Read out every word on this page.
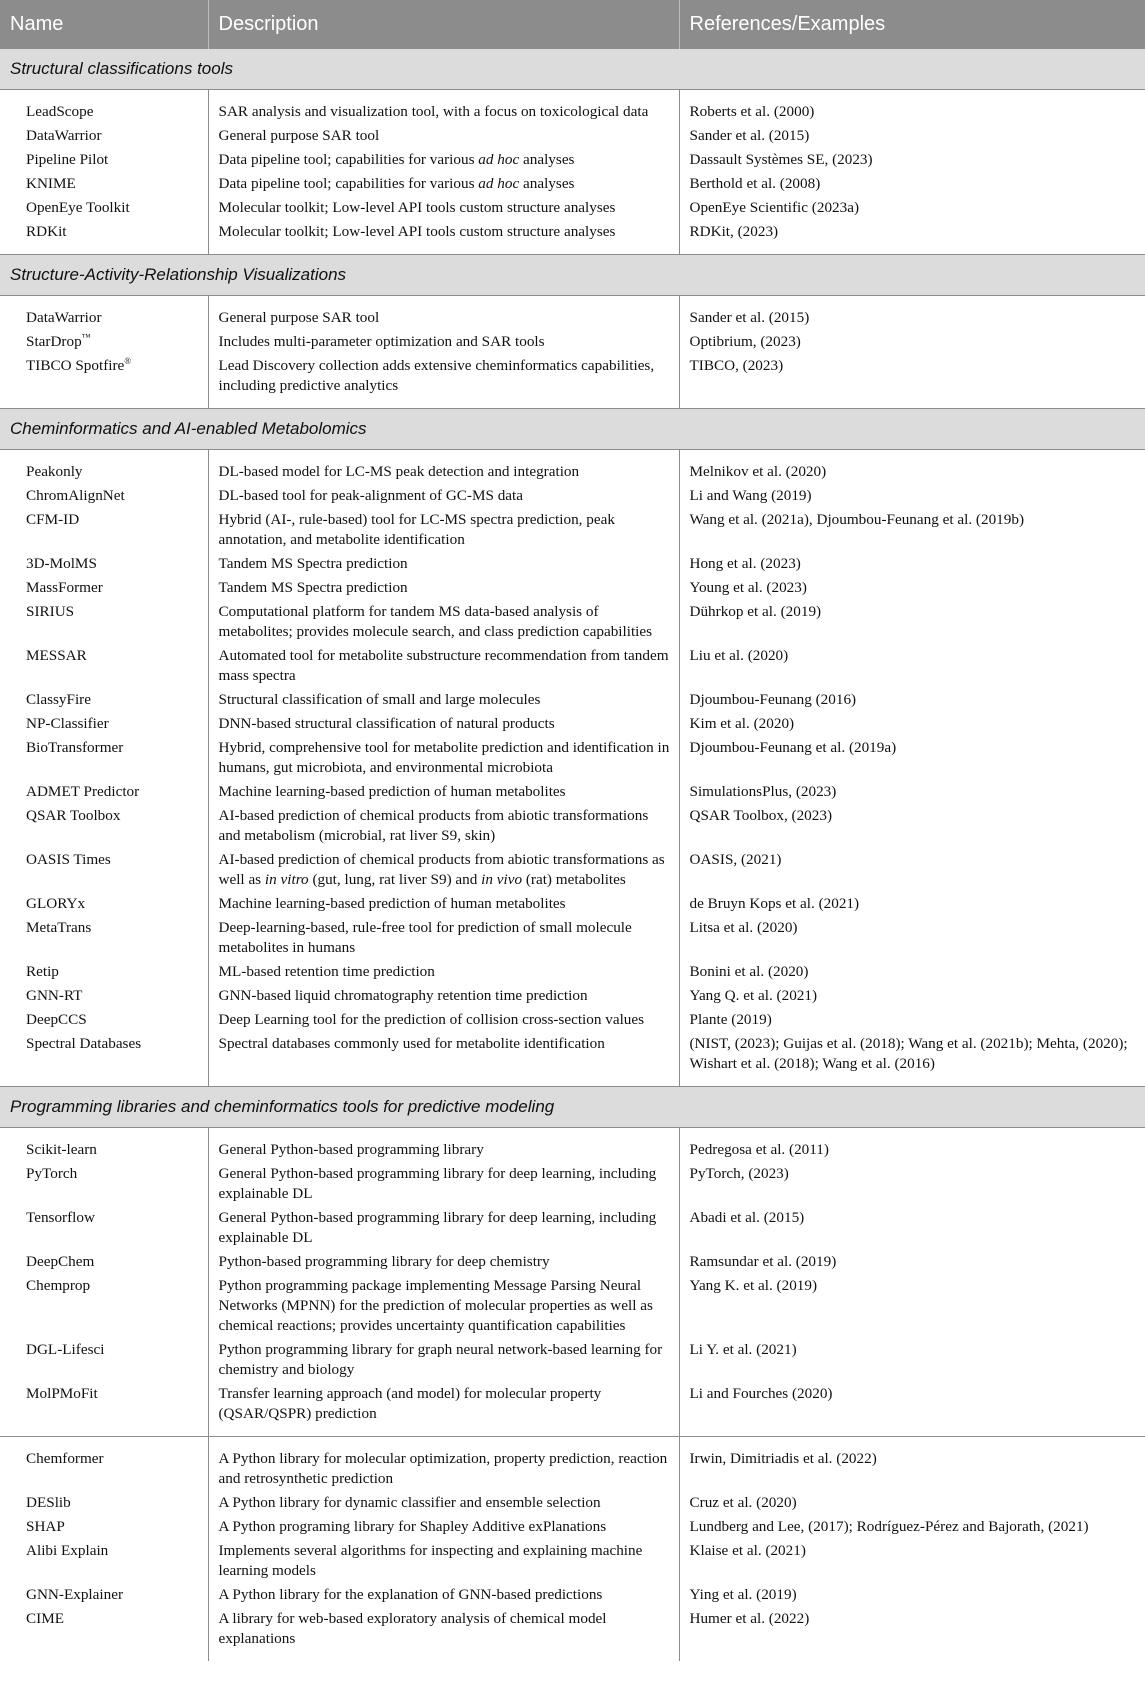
Name	Description	References/Examples
Structural classifications tools		
LeadScope	SAR analysis and visualization tool, with a focus on toxicological data	Roberts et al. (2000)
DataWarrior	General purpose SAR tool	Sander et al. (2015)
Pipeline Pilot	Data pipeline tool; capabilities for various ad hoc analyses	Dassault Systèmes SE, (2023)
KNIME	Data pipeline tool; capabilities for various ad hoc analyses	Berthold et al. (2008)
OpenEye Toolkit	Molecular toolkit; Low-level API tools custom structure analyses	OpenEye Scientific (2023a)
RDKit	Molecular toolkit; Low-level API tools custom structure analyses	RDKit, (2023)
Structure-Activity-Relationship Visualizations		
DataWarrior	General purpose SAR tool	Sander et al. (2015)
StarDrop™	Includes multi-parameter optimization and SAR tools	Optibrium, (2023)
TIBCO Spotfire®	Lead Discovery collection adds extensive cheminformatics capabilities, including predictive analytics	TIBCO, (2023)
Cheminformatics and AI-enabled Metabolomics		
Peakonly	DL-based model for LC-MS peak detection and integration	Melnikov et al. (2020)
ChromAlignNet	DL-based tool for peak-alignment of GC-MS data	Li and Wang (2019)
CFM-ID	Hybrid (AI-, rule-based) tool for LC-MS spectra prediction, peak annotation, and metabolite identification	Wang et al. (2021a), Djoumbou-Feunang et al. (2019b)
3D-MolMS	Tandem MS Spectra prediction	Hong et al. (2023)
MassFormer	Tandem MS Spectra prediction	Young et al. (2023)
SIRIUS	Computational platform for tandem MS data-based analysis of metabolites; provides molecule search, and class prediction capabilities	Dührkop et al. (2019)
MESSAR	Automated tool for metabolite substructure recommendation from tandem mass spectra	Liu et al. (2020)
ClassyFire	Structural classification of small and large molecules	Djoumbou-Feunang (2016)
NP-Classifier	DNN-based structural classification of natural products	Kim et al. (2020)
BioTransformer	Hybrid, comprehensive tool for metabolite prediction and identification in humans, gut microbiota, and environmental microbiota	Djoumbou-Feunang et al. (2019a)
ADMET Predictor	Machine learning-based prediction of human metabolites	SimulationsPlus, (2023)
QSAR Toolbox	AI-based prediction of chemical products from abiotic transformations and metabolism (microbial, rat liver S9, skin)	QSAR Toolbox, (2023)
OASIS Times	AI-based prediction of chemical products from abiotic transformations as well as in vitro (gut, lung, rat liver S9) and in vivo (rat) metabolites	OASIS, (2021)
GLORYx	Machine learning-based prediction of human metabolites	de Bruyn Kops et al. (2021)
MetaTrans	Deep-learning-based, rule-free tool for prediction of small molecule metabolites in humans	Litsa et al. (2020)
Retip	ML-based retention time prediction	Bonini et al. (2020)
GNN-RT	GNN-based liquid chromatography retention time prediction	Yang Q. et al. (2021)
DeepCCS	Deep Learning tool for the prediction of collision cross-section values	Plante (2019)
Spectral Databases	Spectral databases commonly used for metabolite identification	(NIST, (2023); Guijas et al. (2018); Wang et al. (2021b); Mehta, (2020); Wishart et al. (2018); Wang et al. (2016)
Programming libraries and cheminformatics tools for predictive modeling		
Scikit-learn	General Python-based programming library	Pedregosa et al. (2011)
PyTorch	General Python-based programming library for deep learning, including explainable DL	PyTorch, (2023)
Tensorflow	General Python-based programming library for deep learning, including explainable DL	Abadi et al. (2015)
DeepChem	Python-based programming library for deep chemistry	Ramsundar et al. (2019)
Chemprop	Python programming package implementing Message Parsing Neural Networks (MPNN) for the prediction of molecular properties as well as chemical reactions; provides uncertainty quantification capabilities	Yang K. et al. (2019)
DGL-Lifesci	Python programming library for graph neural network-based learning for chemistry and biology	Li Y. et al. (2021)
MolPMoFit	Transfer learning approach (and model) for molecular property (QSAR/QSPR) prediction	Li and Fourches (2020)
Chemformer	A Python library for molecular optimization, property prediction, reaction and retrosynthetic prediction	Irwin, Dimitriadis et al. (2022)
DESlib	A Python library for dynamic classifier and ensemble selection	Cruz et al. (2020)
SHAP	A Python programing library for Shapley Additive exPlanations	Lundberg and Lee, (2017); Rodríguez-Pérez and Bajorath, (2021)
Alibi Explain	Implements several algorithms for inspecting and explaining machine learning models	Klaise et al. (2021)
GNN-Explainer	A Python library for the explanation of GNN-based predictions	Ying et al. (2019)
CIME	A library for web-based exploratory analysis of chemical model explanations	Humer et al. (2022)
